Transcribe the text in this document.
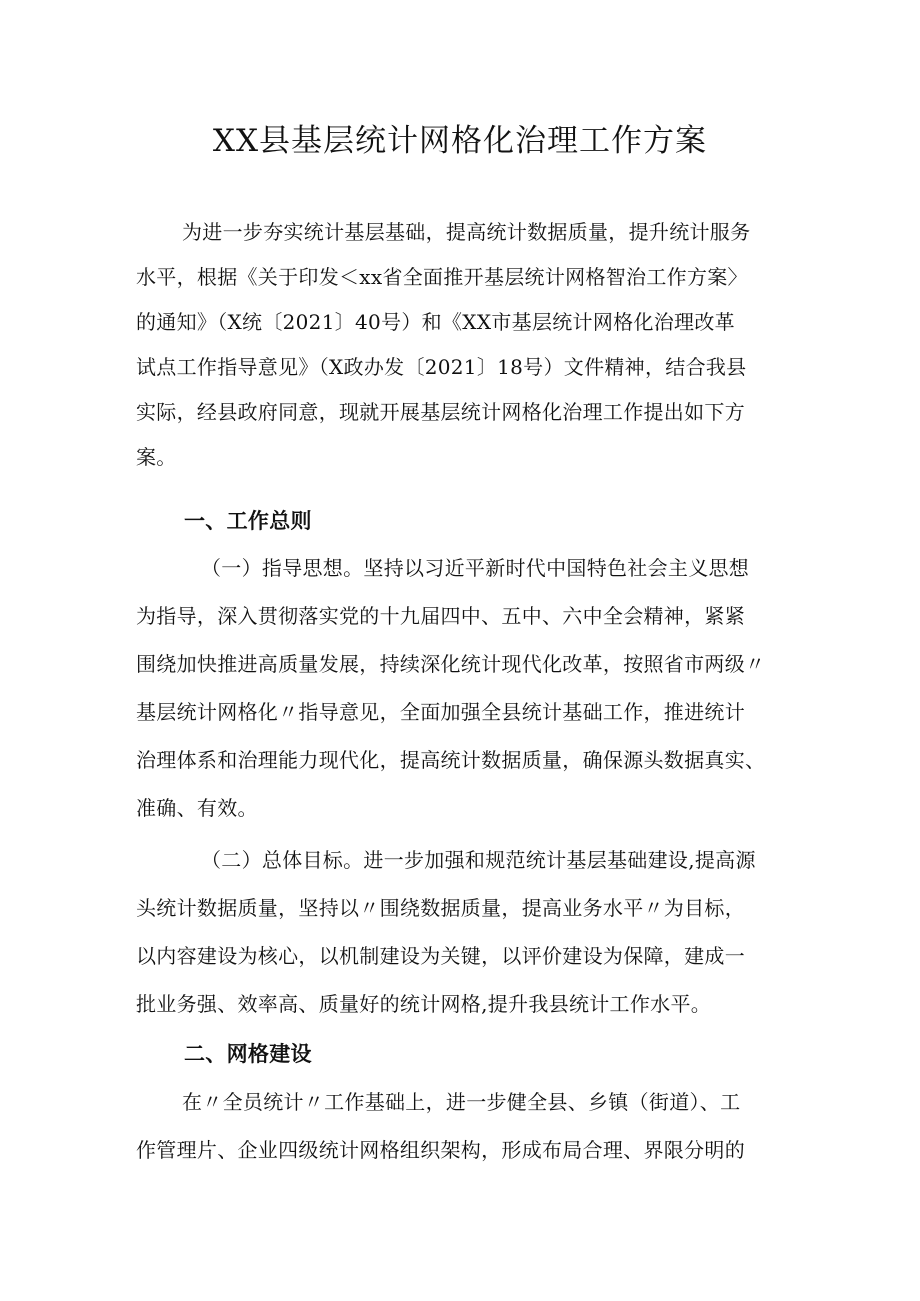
XX县基层统计网格化治理工作方案
为进一步夯实统计基层基础，提高统计数据质量，提升统计服务
水平，根据《关于印发＜xx省全面推开基层统计网格智治工作方案〉
的通知》（X统〔2021〕40号）和《XX市基层统计网格化治理改革
试点工作指导意见》（X政办发〔2021〕18号）文件精神，结合我县
实际，经县政府同意，现就开展基层统计网格化治理工作提出如下方
案。
一、工作总则
（一）指导思想。坚持以习近平新时代中国特色社会主义思想
为指导，深入贯彻落实党的十九届四中、五中、六中全会精神，紧紧
围绕加快推进高质量发展，持续深化统计现代化改革，按照省市两级〃
基层统计网格化〃指导意见，全面加强全县统计基础工作，推进统计
治理体系和治理能力现代化，提高统计数据质量，确保源头数据真实、
准确、有效。
（二）总体目标。进一步加强和规范统计基层基础建设,提高源
头统计数据质量，坚持以〃围绕数据质量，提高业务水平〃为目标，
以内容建设为核心，以机制建设为关键，以评价建设为保障，建成一
批业务强、效率高、质量好的统计网格,提升我县统计工作水平。
二、网格建设
在〃全员统计〃工作基础上，进一步健全县、乡镇（街道）、工
作管理片、企业四级统计网格组织架构，形成布局合理、界限分明的
